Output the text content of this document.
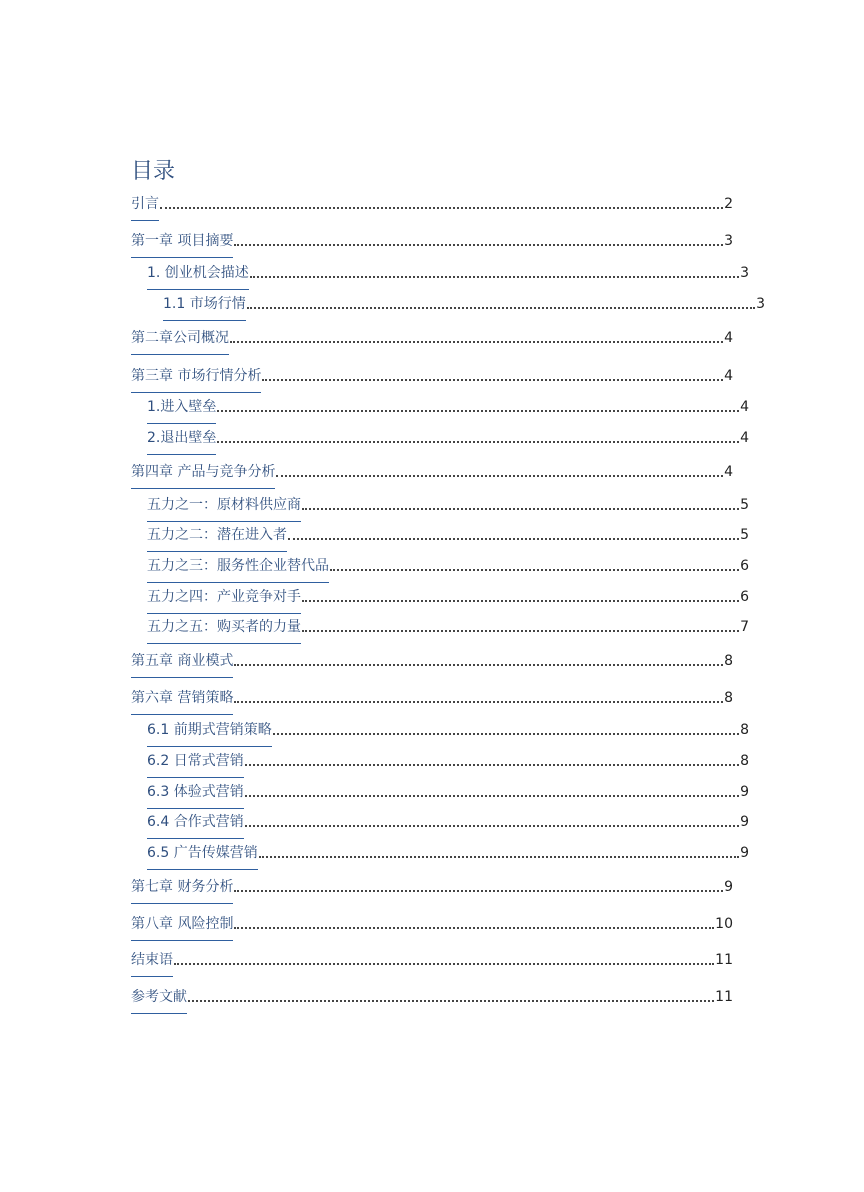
目录
引言	2
第一章 项目摘要	3
1. 创业机会描述	3
1.1 市场行情	3
第二章公司概况	4
第三章 市场行情分析	4
1.进入壁垒	4
2.退出壁垒	4
第四章 产品与竞争分析	4
五力之一：原材料供应商	5
五力之二：潜在进入者	5
五力之三：服务性企业替代品	6
五力之四：产业竞争对手	6
五力之五：购买者的力量	7
第五章 商业模式	8
第六章 营销策略	8
6.1 前期式营销策略	8
6.2 日常式营销	8
6.3 体验式营销	9
6.4 合作式营销	9
6.5 广告传媒营销	9
第七章 财务分析	9
第八章 风险控制	10
结束语	11
参考文献	11
